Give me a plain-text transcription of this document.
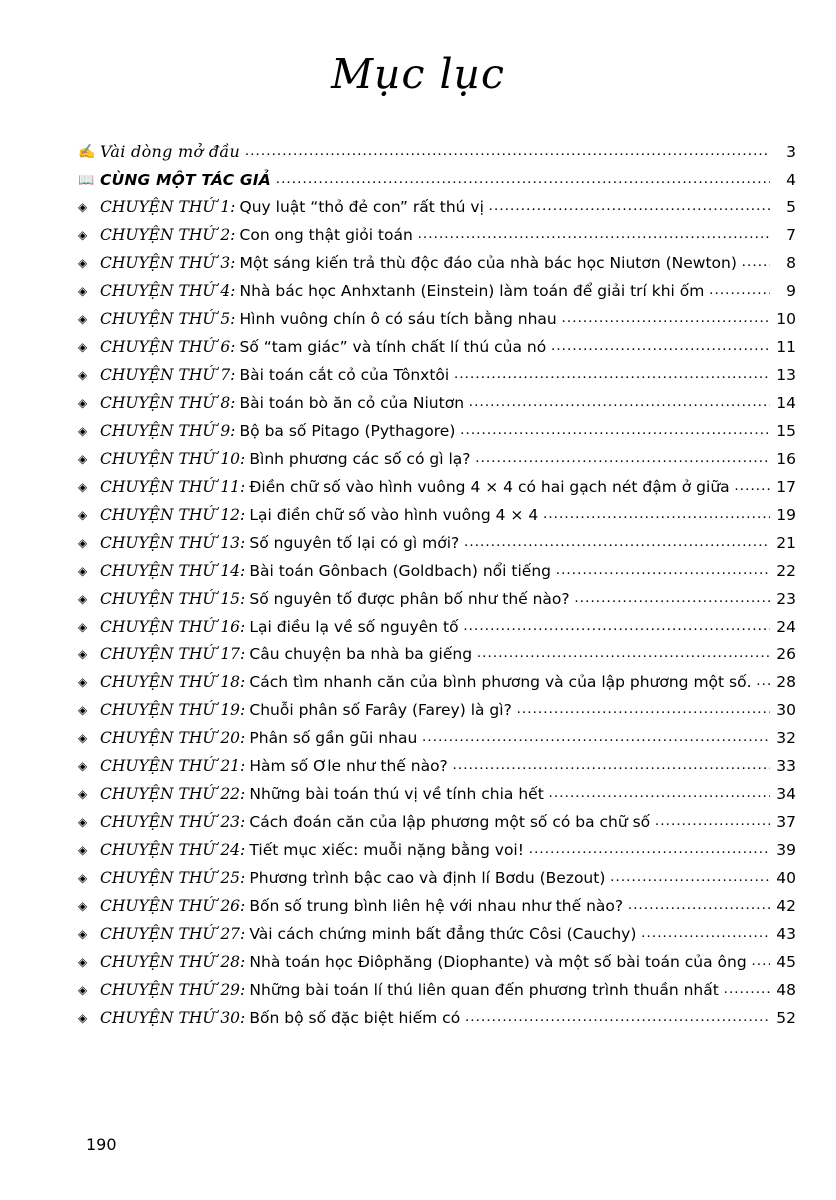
Mục lục
✍
Vài dòng mở đầu .....	3
📖
CÙNG MỘT TÁC GIẢ .....	4
◈
CHUYỆN THỨ 1: Quy luật “thỏ đẻ con” rất thú vị .....	5
◈
CHUYỆN THỨ 2: Con ong thật giỏi toán .....	7
◈
CHUYỆN THỨ 3: Một sáng kiến trả thù độc đáo của nhà bác học Niutơn (Newton) .....	8
◈
CHUYỆN THỨ 4: Nhà bác học Anhxtanh (Einstein) làm toán để giải trí khi ốm .....	9
◈
CHUYỆN THỨ 5: Hình vuông chín ô có sáu tích bằng nhau .....	10
◈
CHUYỆN THỨ 6: Số “tam giác” và tính chất lí thú của nó .....	11
◈
CHUYỆN THỨ 7: Bài toán cắt cỏ của Tônxtôi .....	13
◈
CHUYỆN THỨ 8: Bài toán bò ăn cỏ của Niutơn .....	14
◈
CHUYỆN THỨ 9: Bộ ba số Pitago (Pythagore) .....	15
◈
CHUYỆN THỨ 10: Bình phương các số có gì lạ? .....	16
◈
CHUYỆN THỨ 11: Điền chữ số vào hình vuông 4 × 4 có hai gạch nét đậm ở giữa .....	17
◈
CHUYỆN THỨ 12: Lại điền chữ số vào hình vuông 4 × 4 .....	19
◈
CHUYỆN THỨ 13: Số nguyên tố lại có gì mới? .....	21
◈
CHUYỆN THỨ 14: Bài toán Gônbach (Goldbach) nổi tiếng .....	22
◈
CHUYỆN THỨ 15: Số nguyên tố được phân bố như thế nào? .....	23
◈
CHUYỆN THỨ 16: Lại điều lạ về số nguyên tố .....	24
◈
CHUYỆN THỨ 17: Câu chuyện ba nhà ba giếng .....	26
◈
CHUYỆN THỨ 18: Cách tìm nhanh căn của bình phương và của lập phương một số. ..... 28
◈
CHUYỆN THỨ 19: Chuỗi phân số Farây (Farey) là gì? .....	30
◈
CHUYỆN THỨ 20: Phân số gần gũi nhau .....	32
◈
CHUYỆN THỨ 21: Hàm số Ơle như thế nào? .....	33
◈
CHUYỆN THỨ 22: Những bài toán thú vị về tính chia hết .....	34
◈
CHUYỆN THỨ 23: Cách đoán căn của lập phương một số có ba chữ số .....	37
◈
CHUYỆN THỨ 24: Tiết mục xiếc: muỗi nặng bằng voi! .....	39
◈
CHUYỆN THỨ 25: Phương trình bậc cao và định lí Bơdu (Bezout) .....	40
◈
CHUYỆN THỨ 26: Bốn số trung bình liên hệ với nhau như thế nào? .....	42
◈
CHUYỆN THỨ 27: Vài cách chứng minh bất đẳng thức Côsi (Cauchy) .....	43
◈
CHUYỆN THỨ 28: Nhà toán học Điôphăng (Diophante) và một số bài toán của ông ..... 45
◈
CHUYỆN THỨ 29: Những bài toán lí thú liên quan đến phương trình thuần nhất .....	48
◈
CHUYỆN THỨ 30: Bốn bộ số đặc biệt hiếm có .....	52
190
